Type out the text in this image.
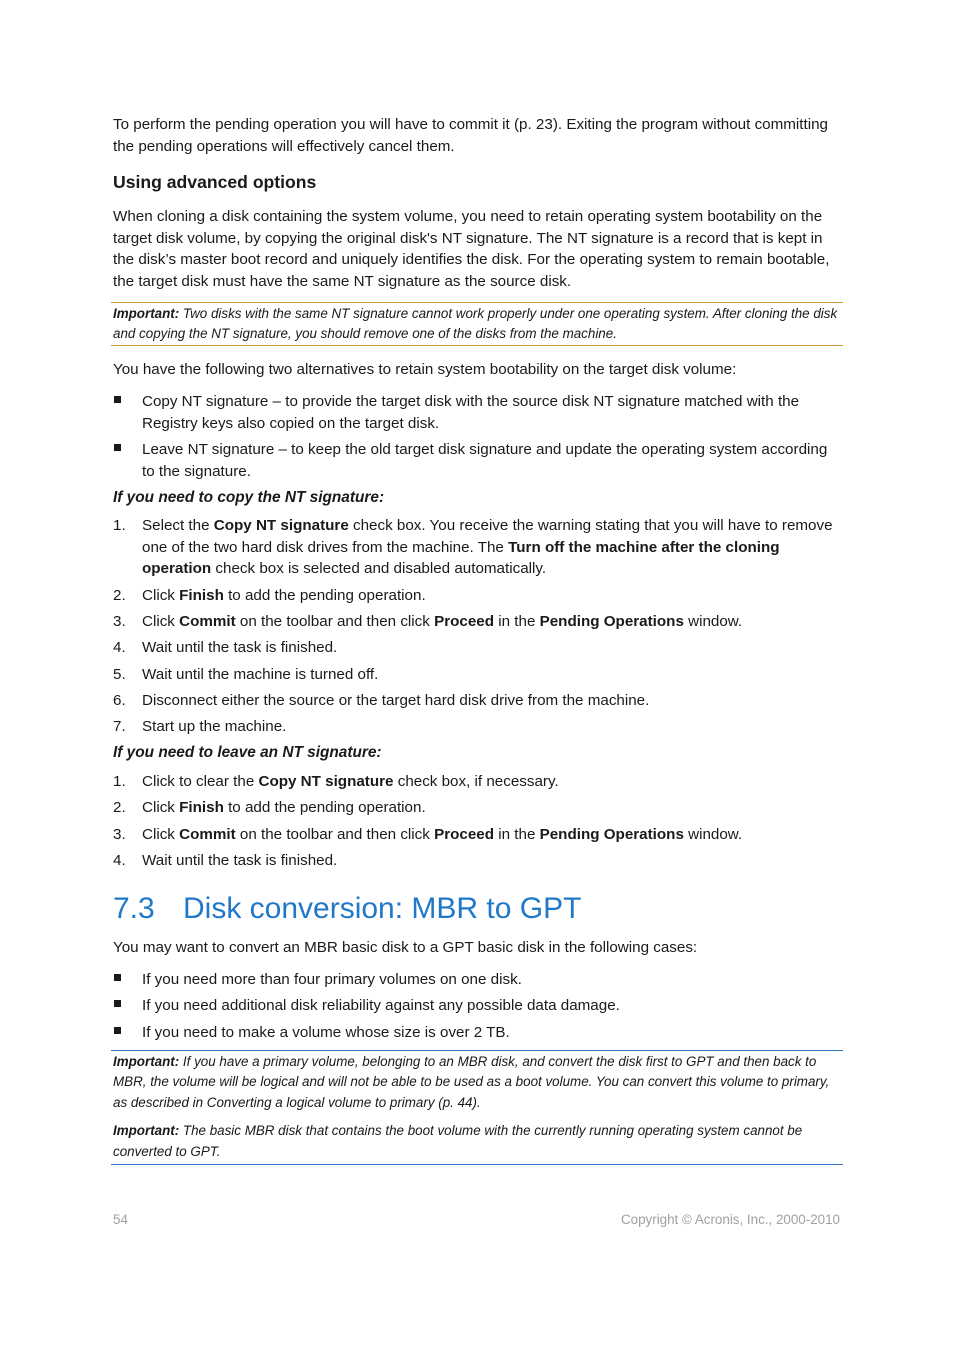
To perform the pending operation you will have to commit it (p. 23). Exiting the program without committing the pending operations will effectively cancel them.

Using advanced options

When cloning a disk containing the system volume, you need to retain operating system bootability on the target disk volume, by copying the original disk's NT signature. The NT signature is a record that is kept in the disk’s master boot record and uniquely identifies the disk. For the operating system to remain bootable, the target disk must have the same NT signature as the source disk.

Important: Two disks with the same NT signature cannot work properly under one operating system. After cloning the disk and copying the NT signature, you should remove one of the disks from the machine.

You have the following two alternatives to retain system bootability on the target disk volume:

Copy NT signature – to provide the target disk with the source disk NT signature matched with the Registry keys also copied on the target disk.
Leave NT signature – to keep the old target disk signature and update the operating system according to the signature.

If you need to copy the NT signature:

1.	Select the Copy NT signature check box. You receive the warning stating that you will have to remove one of the two hard disk drives from the machine. The Turn off the machine after the cloning operation check box is selected and disabled automatically.
2.	Click Finish to add the pending operation.
3.	Click Commit on the toolbar and then click Proceed in the Pending Operations window.
4.	Wait until the task is finished.
5.	Wait until the machine is turned off.
6.	Disconnect either the source or the target hard disk drive from the machine.
7.	Start up the machine.

If you need to leave an NT signature:

1.	Click to clear the Copy NT signature check box, if necessary.
2.	Click Finish to add the pending operation.
3.	Click Commit on the toolbar and then click Proceed in the Pending Operations window.
4.	Wait until the task is finished.
7.3 Disk conversion: MBR to GPT

You may want to convert an MBR basic disk to a GPT basic disk in the following cases:

If you need more than four primary volumes on one disk.
If you need additional disk reliability against any possible data damage.
If you need to make a volume whose size is over 2 TB.
Important: If you have a primary volume, belonging to an MBR disk, and convert the disk first to GPT and then back to MBR, the volume will be logical and will not be able to be used as a boot volume. You can convert this volume to primary, as described in Converting a logical volume to primary (p. 44).
Important: The basic MBR disk that contains the boot volume with the currently running operating system cannot be converted to GPT.
54	Copyright © Acronis, Inc., 2000-2010
